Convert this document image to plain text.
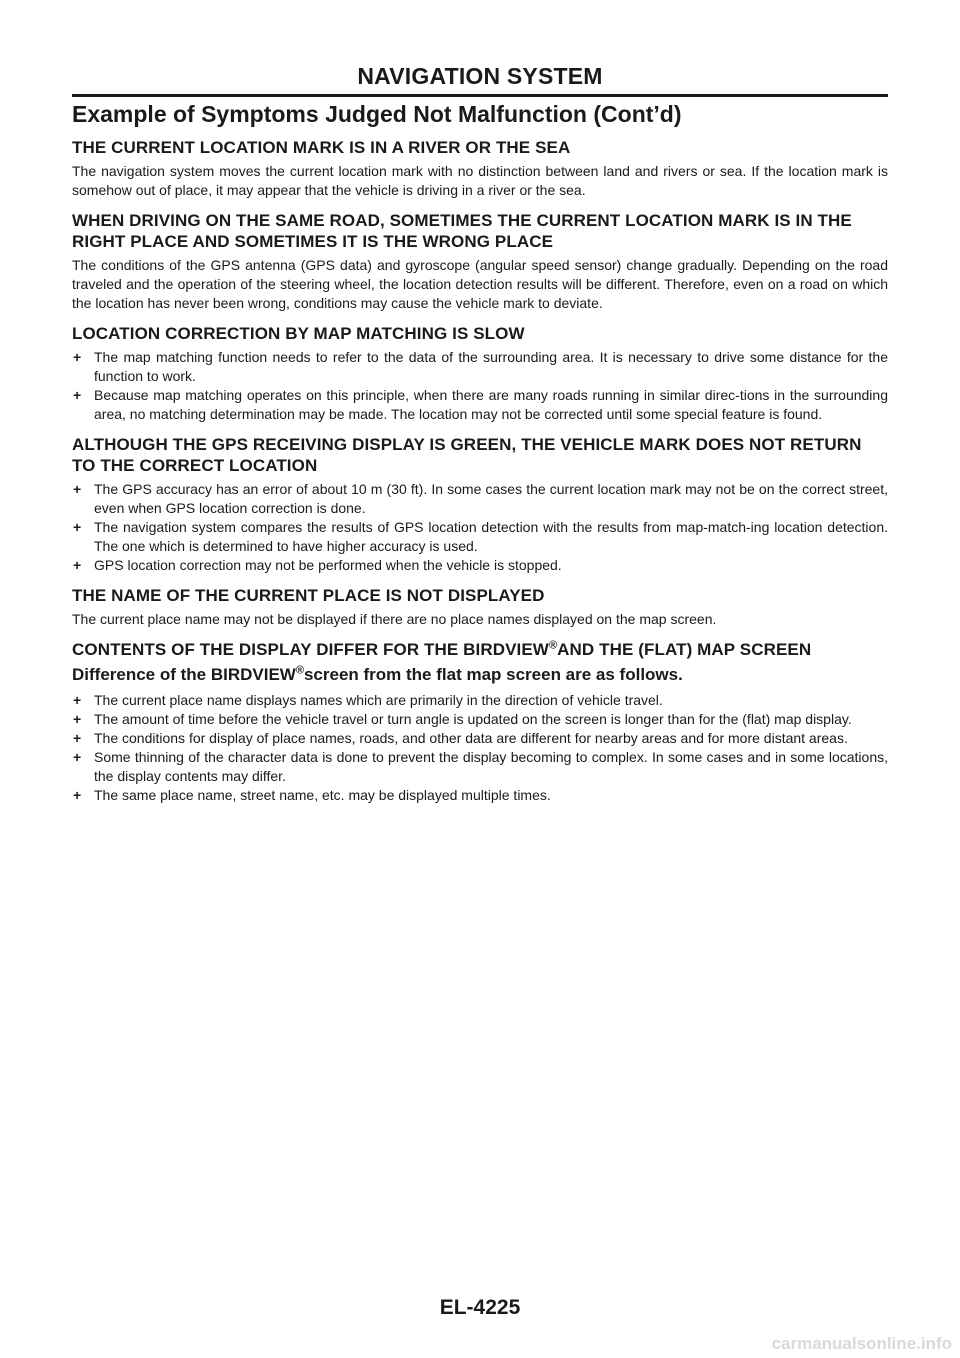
NAVIGATION SYSTEM
Example of Symptoms Judged Not Malfunction (Cont’d)
THE CURRENT LOCATION MARK IS IN A RIVER OR THE SEA

The navigation system moves the current location mark with no distinction between land and rivers or sea. If the location mark is somehow out of place, it may appear that the vehicle is driving in a river or the sea.

WHEN DRIVING ON THE SAME ROAD, SOMETIMES THE CURRENT LOCATION MARK IS IN THE RIGHT PLACE AND SOMETIMES IT IS THE WRONG PLACE

The conditions of the GPS antenna (GPS data) and gyroscope (angular speed sensor) change gradually. Depending on the road traveled and the operation of the steering wheel, the location detection results will be different. Therefore, even on a road on which the location has never been wrong, conditions may cause the vehicle mark to deviate.

LOCATION CORRECTION BY MAP MATCHING IS SLOW
+ The map matching function needs to refer to the data of the surrounding area. It is necessary to drive some distance for the function to work.
+ Because map matching operates on this principle, when there are many roads running in similar direc-tions in the surrounding area, no matching determination may be made. The location may not be corrected until some special feature is found.
ALTHOUGH THE GPS RECEIVING DISPLAY IS GREEN, THE VEHICLE MARK DOES NOT RETURN TO THE CORRECT LOCATION
+ The GPS accuracy has an error of about 10 m (30 ft). In some cases the current location mark may not be on the correct street, even when GPS location correction is done.
+ The navigation system compares the results of GPS location detection with the results from map-match-ing location detection. The one which is determined to have higher accuracy is used.
+ GPS location correction may not be performed when the vehicle is stopped.
THE NAME OF THE CURRENT PLACE IS NOT DISPLAYED

The current place name may not be displayed if there are no place names displayed on the map screen.

CONTENTS OF THE DISPLAY DIFFER FOR THE BIRDVIEW®AND THE (FLAT) MAP SCREEN
Difference of the BIRDVIEW®screen from the flat map screen are as follows.
+ The current place name displays names which are primarily in the direction of vehicle travel.
+ The amount of time before the vehicle travel or turn angle is updated on the screen is longer than for the (flat) map display.
+ The conditions for display of place names, roads, and other data are different for nearby areas and for more distant areas.
+ Some thinning of the character data is done to prevent the display becoming to complex. In some cases and in some locations, the display contents may differ.
+ The same place name, street name, etc. may be displayed multiple times.
EL-4225
carmanualsonline.info
